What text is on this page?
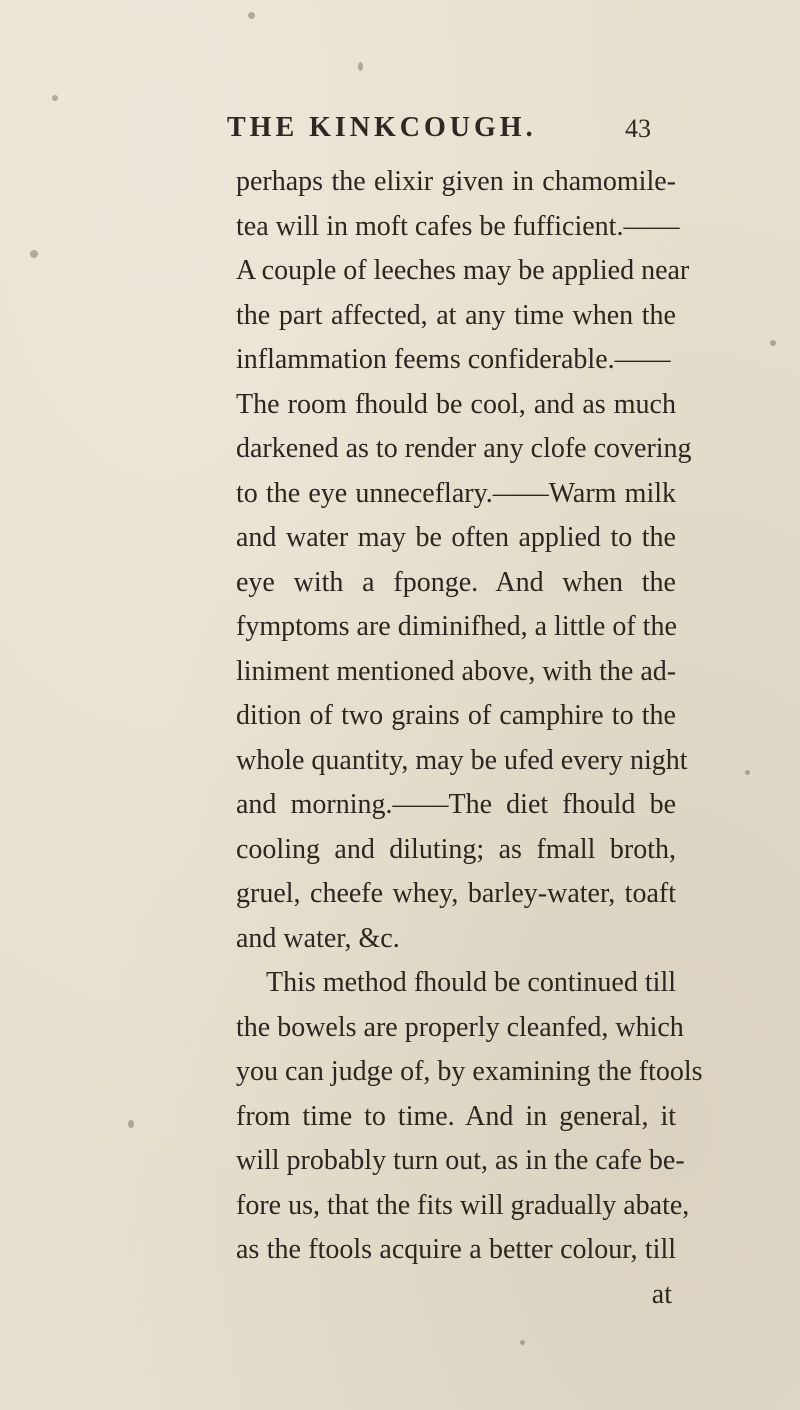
THE KINKCOUGH.	43
perhaps the elixir given in chamomile-
tea will in moft cafes be fufficient.——
A couple of leeches may be applied near
the part affected, at any time when the
inflammation feems confiderable.——
The room fhould be cool, and as much
darkened as to render any clofe covering
to the eye unneceflary.——Warm milk
and water may be often applied to the
eye with a fponge. And when the
fymptoms are diminifhed, a little of the
liniment mentioned above, with the ad-
dition of two grains of camphire to the
whole quantity, may be ufed every night
and morning.——The diet fhould be
cooling and diluting; as fmall broth,
gruel, cheefe whey, barley-water, toaft
and water, &c.
This method fhould be continued till
the bowels are properly cleanfed, which
you can judge of, by examining the ftools
from time to time. And in general, it
will probably turn out, as in the cafe be-
fore us, that the fits will gradually abate,
as the ftools acquire a better colour, till
at
